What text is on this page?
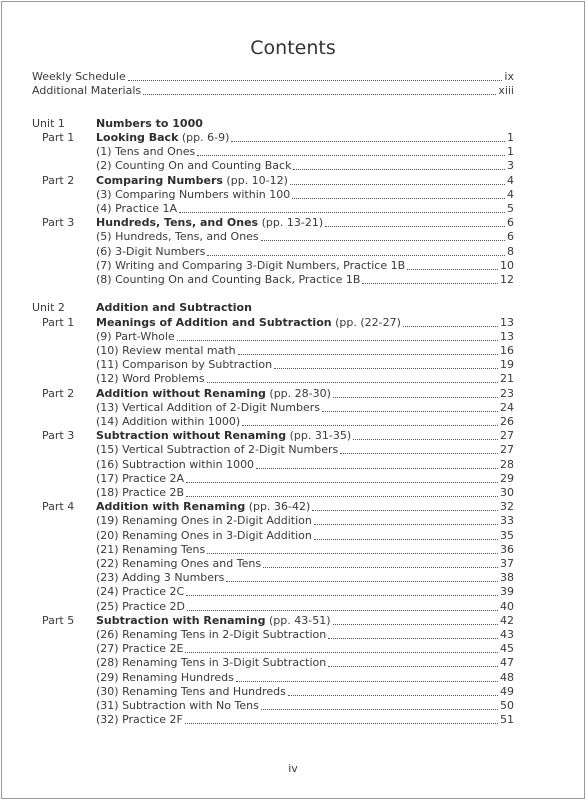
Contents
Weekly Schedule	ix
Additional Materials	xiii
Unit 1	Numbers to 1000
Part 1 Looking Back (pp. 6-9)	1
(1) Tens and Ones	1
(2) Counting On and Counting Back	3
Part 2 Comparing Numbers (pp. 10-12)	4
(3) Comparing Numbers within 100	4
(4) Practice 1A	5
Part 3 Hundreds, Tens, and Ones (pp. 13-21)	6
(5) Hundreds, Tens, and Ones	6
(6) 3-Digit Numbers	8
(7) Writing and Comparing 3-Digit Numbers, Practice 1B	10
(8) Counting On and Counting Back, Practice 1B	12
Unit 2	Addition and Subtraction
Part 1 Meanings of Addition and Subtraction (pp. (22-27)	13
(9) Part-Whole	13
(10) Review mental math	16
(11) Comparison by Subtraction	19
(12) Word Problems	21
Part 2 Addition without Renaming (pp. 28-30)	23
(13) Vertical Addition of 2-Digit Numbers	24
(14) Addition within 1000)	26
Part 3 Subtraction without Renaming (pp. 31-35)	27
(15) Vertical Subtraction of 2-Digit Numbers	27
(16) Subtraction within 1000	28
(17) Practice 2A	29
(18) Practice 2B	30
Part 4 Addition with Renaming (pp. 36-42)	32
(19) Renaming Ones in 2-Digit Addition	33
(20) Renaming Ones in 3-Digit Addition	35
(21) Renaming Tens	36
(22) Renaming Ones and Tens	37
(23) Adding 3 Numbers	38
(24) Practice 2C	39
(25) Practice 2D	40
Part 5 Subtraction with Renaming (pp. 43-51)	42
(26) Renaming Tens in 2-Digit Subtraction	43
(27) Practice 2E	45
(28) Renaming Tens in 3-Digit Subtraction	47
(29) Renaming Hundreds	48
(30) Renaming Tens and Hundreds	49
(31) Subtraction with No Tens	50
(32) Practice 2F	51
iv
